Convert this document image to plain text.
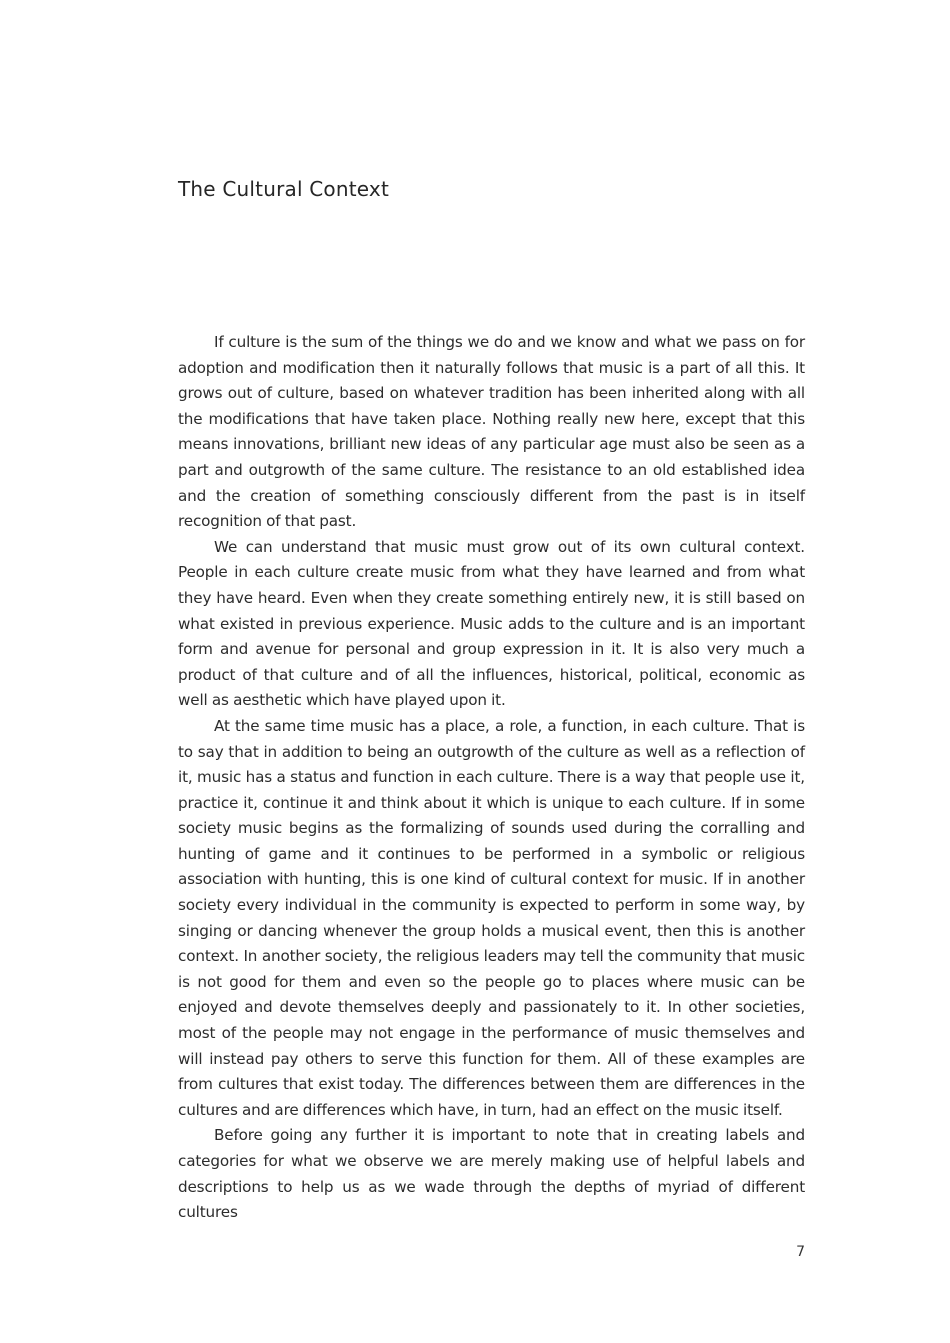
The Cultural Context

If culture is the sum of the things we do and we know and what we pass on for adoption and modification then it naturally follows that music is a part of all this. It grows out of culture, based on whatever tradition has been inherited along with all the modifications that have taken place. Nothing really new here, except that this means innovations, brilliant new ideas of any particular age must also be seen as a part and outgrowth of the same culture. The resistance to an old established idea and the creation of something consciously different from the past is in itself recognition of that past.

We can understand that music must grow out of its own cultural context. People in each culture create music from what they have learned and from what they have heard. Even when they create something entirely new, it is still based on what existed in previous experience. Music adds to the culture and is an important form and avenue for personal and group expression in it. It is also very much a product of that culture and of all the influences, historical, political, economic as well as aesthetic which have played upon it.

At the same time music has a place, a role, a function, in each culture. That is to say that in addition to being an outgrowth of the culture as well as a reflection of it, music has a status and function in each culture. There is a way that people use it, practice it, continue it and think about it which is unique to each culture. If in some society music begins as the formalizing of sounds used during the corralling and hunting of game and it continues to be performed in a symbolic or religious association with hunting, this is one kind of cultural context for music. If in another society every individual in the community is expected to perform in some way, by singing or dancing whenever the group holds a musical event, then this is another context. In another society, the religious leaders may tell the community that music is not good for them and even so the people go to places where music can be enjoyed and devote themselves deeply and passionately to it. In other societies, most of the people may not engage in the performance of music themselves and will instead pay others to serve this function for them. All of these examples are from cultures that exist today. The differences between them are differences in the cultures and are differences which have, in turn, had an effect on the music itself.

Before going any further it is important to note that in creating labels and categories for what we observe we are merely making use of helpful labels and descriptions to help us as we wade through the depths of myriad of different cultures

7
